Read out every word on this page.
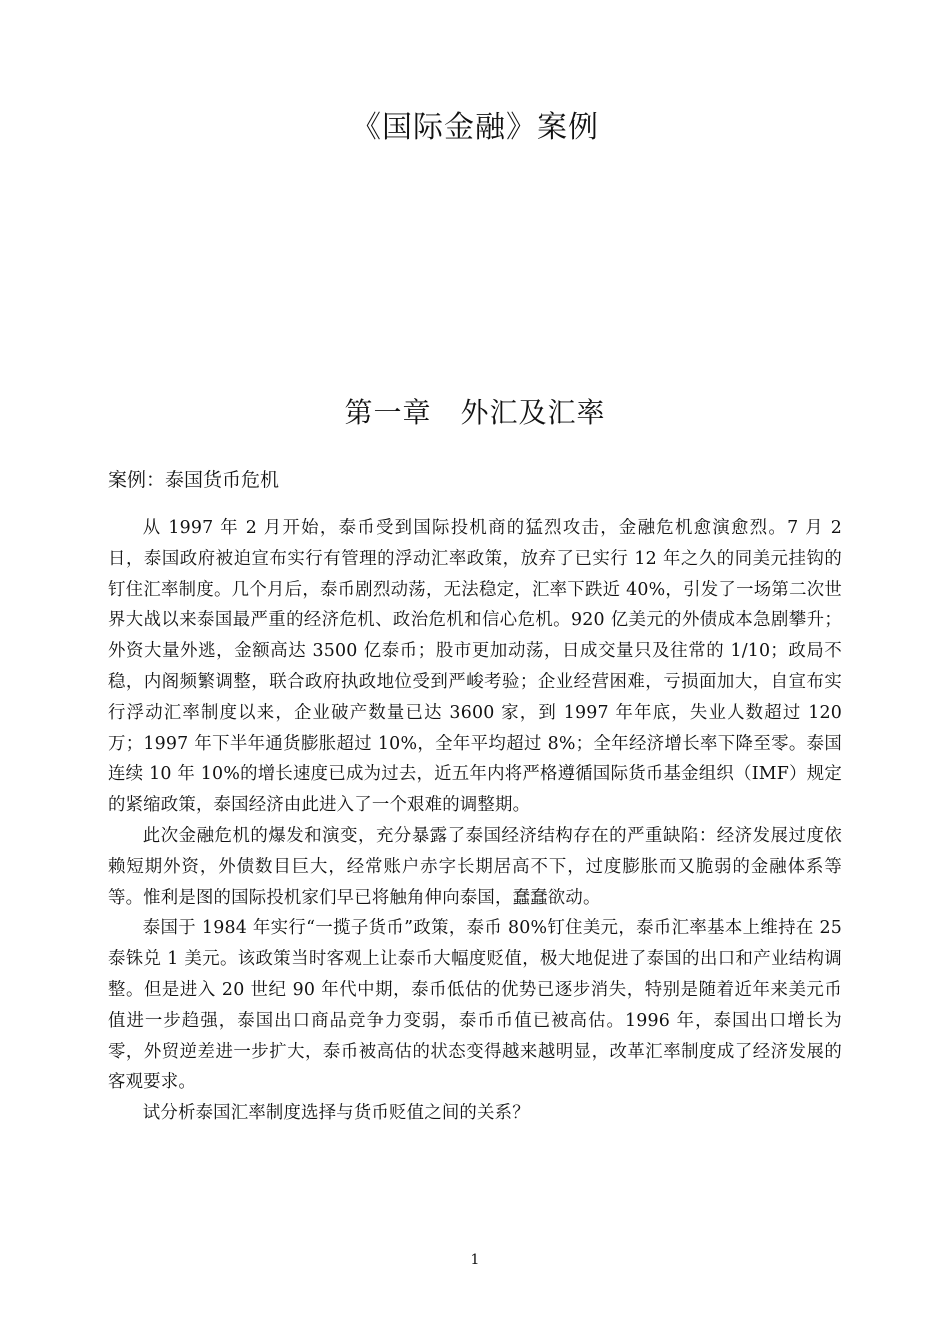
《国际金融》案例
第一章　外汇及汇率
案例：泰国货币危机

从 1997 年 2 月开始，泰币受到国际投机商的猛烈攻击，金融危机愈演愈烈。7 月 2 日，泰国政府被迫宣布实行有管理的浮动汇率政策，放弃了已实行 12 年之久的同美元挂钩的钉住汇率制度。几个月后，泰币剧烈动荡，无法稳定，汇率下跌近 40%，引发了一场第二次世界大战以来泰国最严重的经济危机、政治危机和信心危机。920 亿美元的外债成本急剧攀升；外资大量外逃，金额高达 3500 亿泰币；股市更加动荡，日成交量只及往常的 1/10；政局不稳，内阁频繁调整，联合政府执政地位受到严峻考验；企业经营困难，亏损面加大，自宣布实行浮动汇率制度以来，企业破产数量已达 3600 家，到 1997 年年底，失业人数超过 120 万；1997 年下半年通货膨胀超过 10%，全年平均超过 8%；全年经济增长率下降至零。泰国连续 10 年 10%的增长速度已成为过去，近五年内将严格遵循国际货币基金组织（IMF）规定的紧缩政策，泰国经济由此进入了一个艰难的调整期。

此次金融危机的爆发和演变，充分暴露了泰国经济结构存在的严重缺陷：经济发展过度依赖短期外资，外债数目巨大，经常账户赤字长期居高不下，过度膨胀而又脆弱的金融体系等等。惟利是图的国际投机家们早已将触角伸向泰国，蠢蠢欲动。

泰国于 1984 年实行“一揽子货币”政策，泰币 80%钉住美元，泰币汇率基本上维持在 25 泰铢兑 1 美元。该政策当时客观上让泰币大幅度贬值，极大地促进了泰国的出口和产业结构调整。但是进入 20 世纪 90 年代中期，泰币低估的优势已逐步消失，特别是随着近年来美元币值进一步趋强，泰国出口商品竞争力变弱，泰币币值已被高估。1996 年，泰国出口增长为零，外贸逆差进一步扩大，泰币被高估的状态变得越来越明显，改革汇率制度成了经济发展的客观要求。

试分析泰国汇率制度选择与货币贬值之间的关系？

1
